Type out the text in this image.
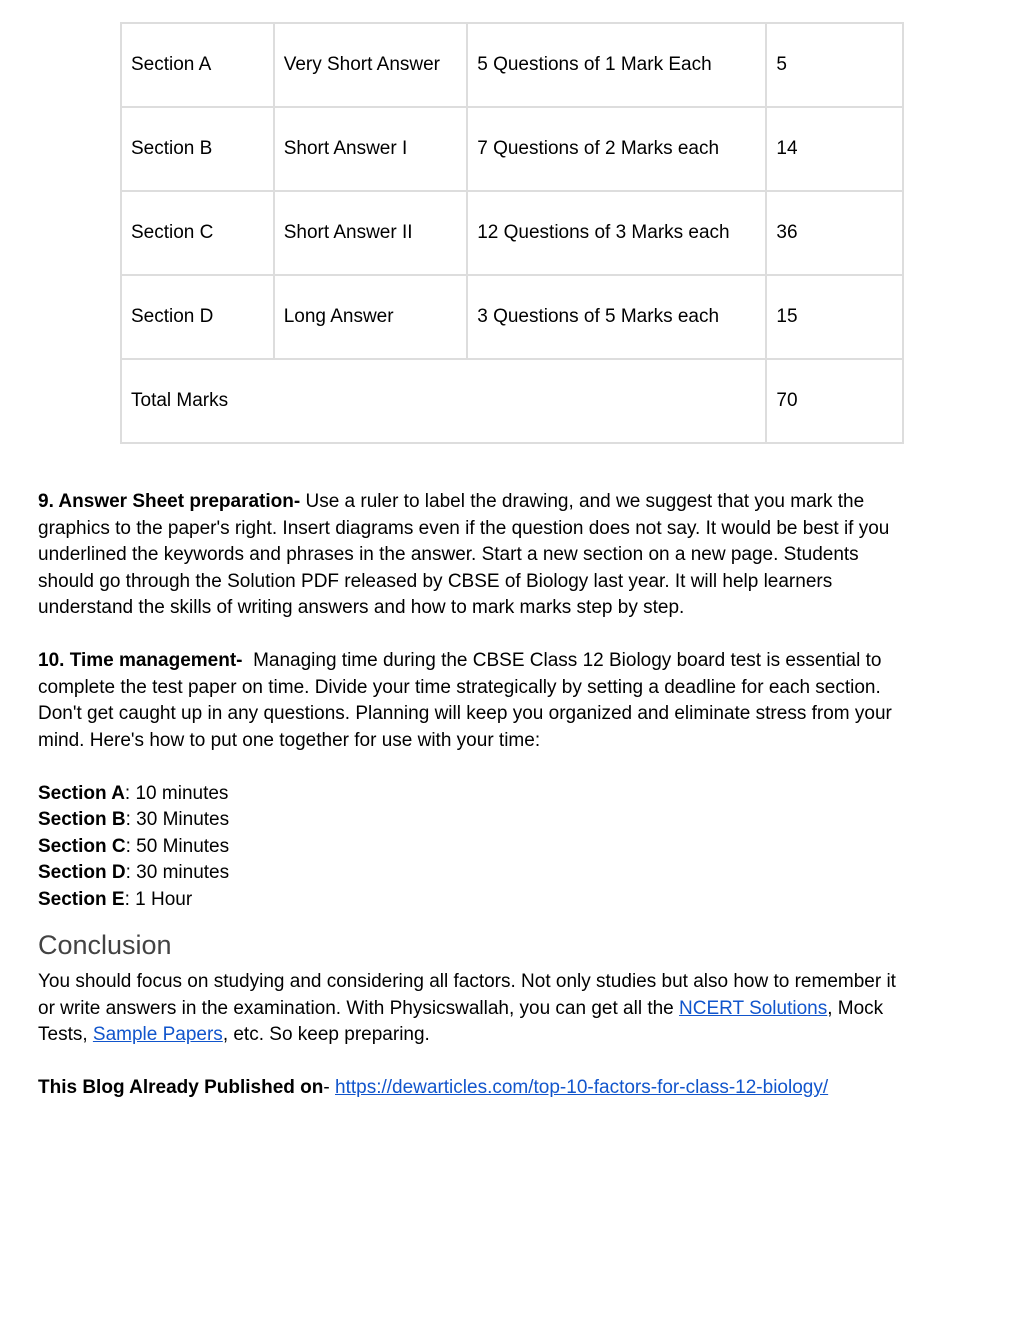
Section A	Very Short Answer	5 Questions of 1 Mark Each	5
Section B	Short Answer I	7 Questions of 2 Marks each	14
Section C	Short Answer II	12 Questions of 3 Marks each	36
Section D	Long Answer	3 Questions of 5 Marks each	15
Total Marks			70

9. Answer Sheet preparation- Use a ruler to label the drawing, and we suggest that you mark the graphics to the paper's right. Insert diagrams even if the question does not say. It would be best if you underlined the keywords and phrases in the answer. Start a new section on a new page. Students should go through the Solution PDF released by CBSE of Biology last year. It will help learners understand the skills of writing answers and how to mark marks step by step.

10. Time management-  Managing time during the CBSE Class 12 Biology board test is essential to complete the test paper on time. Divide your time strategically by setting a deadline for each section. Don't get caught up in any questions. Planning will keep you organized and eliminate stress from your mind. Here's how to put one together for use with your time:

Section A: 10 minutes

Section B: 30 Minutes

Section C: 50 Minutes

Section D: 30 minutes

Section E: 1 Hour

Conclusion

You should focus on studying and considering all factors. Not only studies but also how to remember it or write answers in the examination. With Physicswallah, you can get all the NCERT Solutions, Mock Tests, Sample Papers, etc. So keep preparing.

This Blog Already Published on- https://dewarticles.com/top-10-factors-for-class-12-biology/
